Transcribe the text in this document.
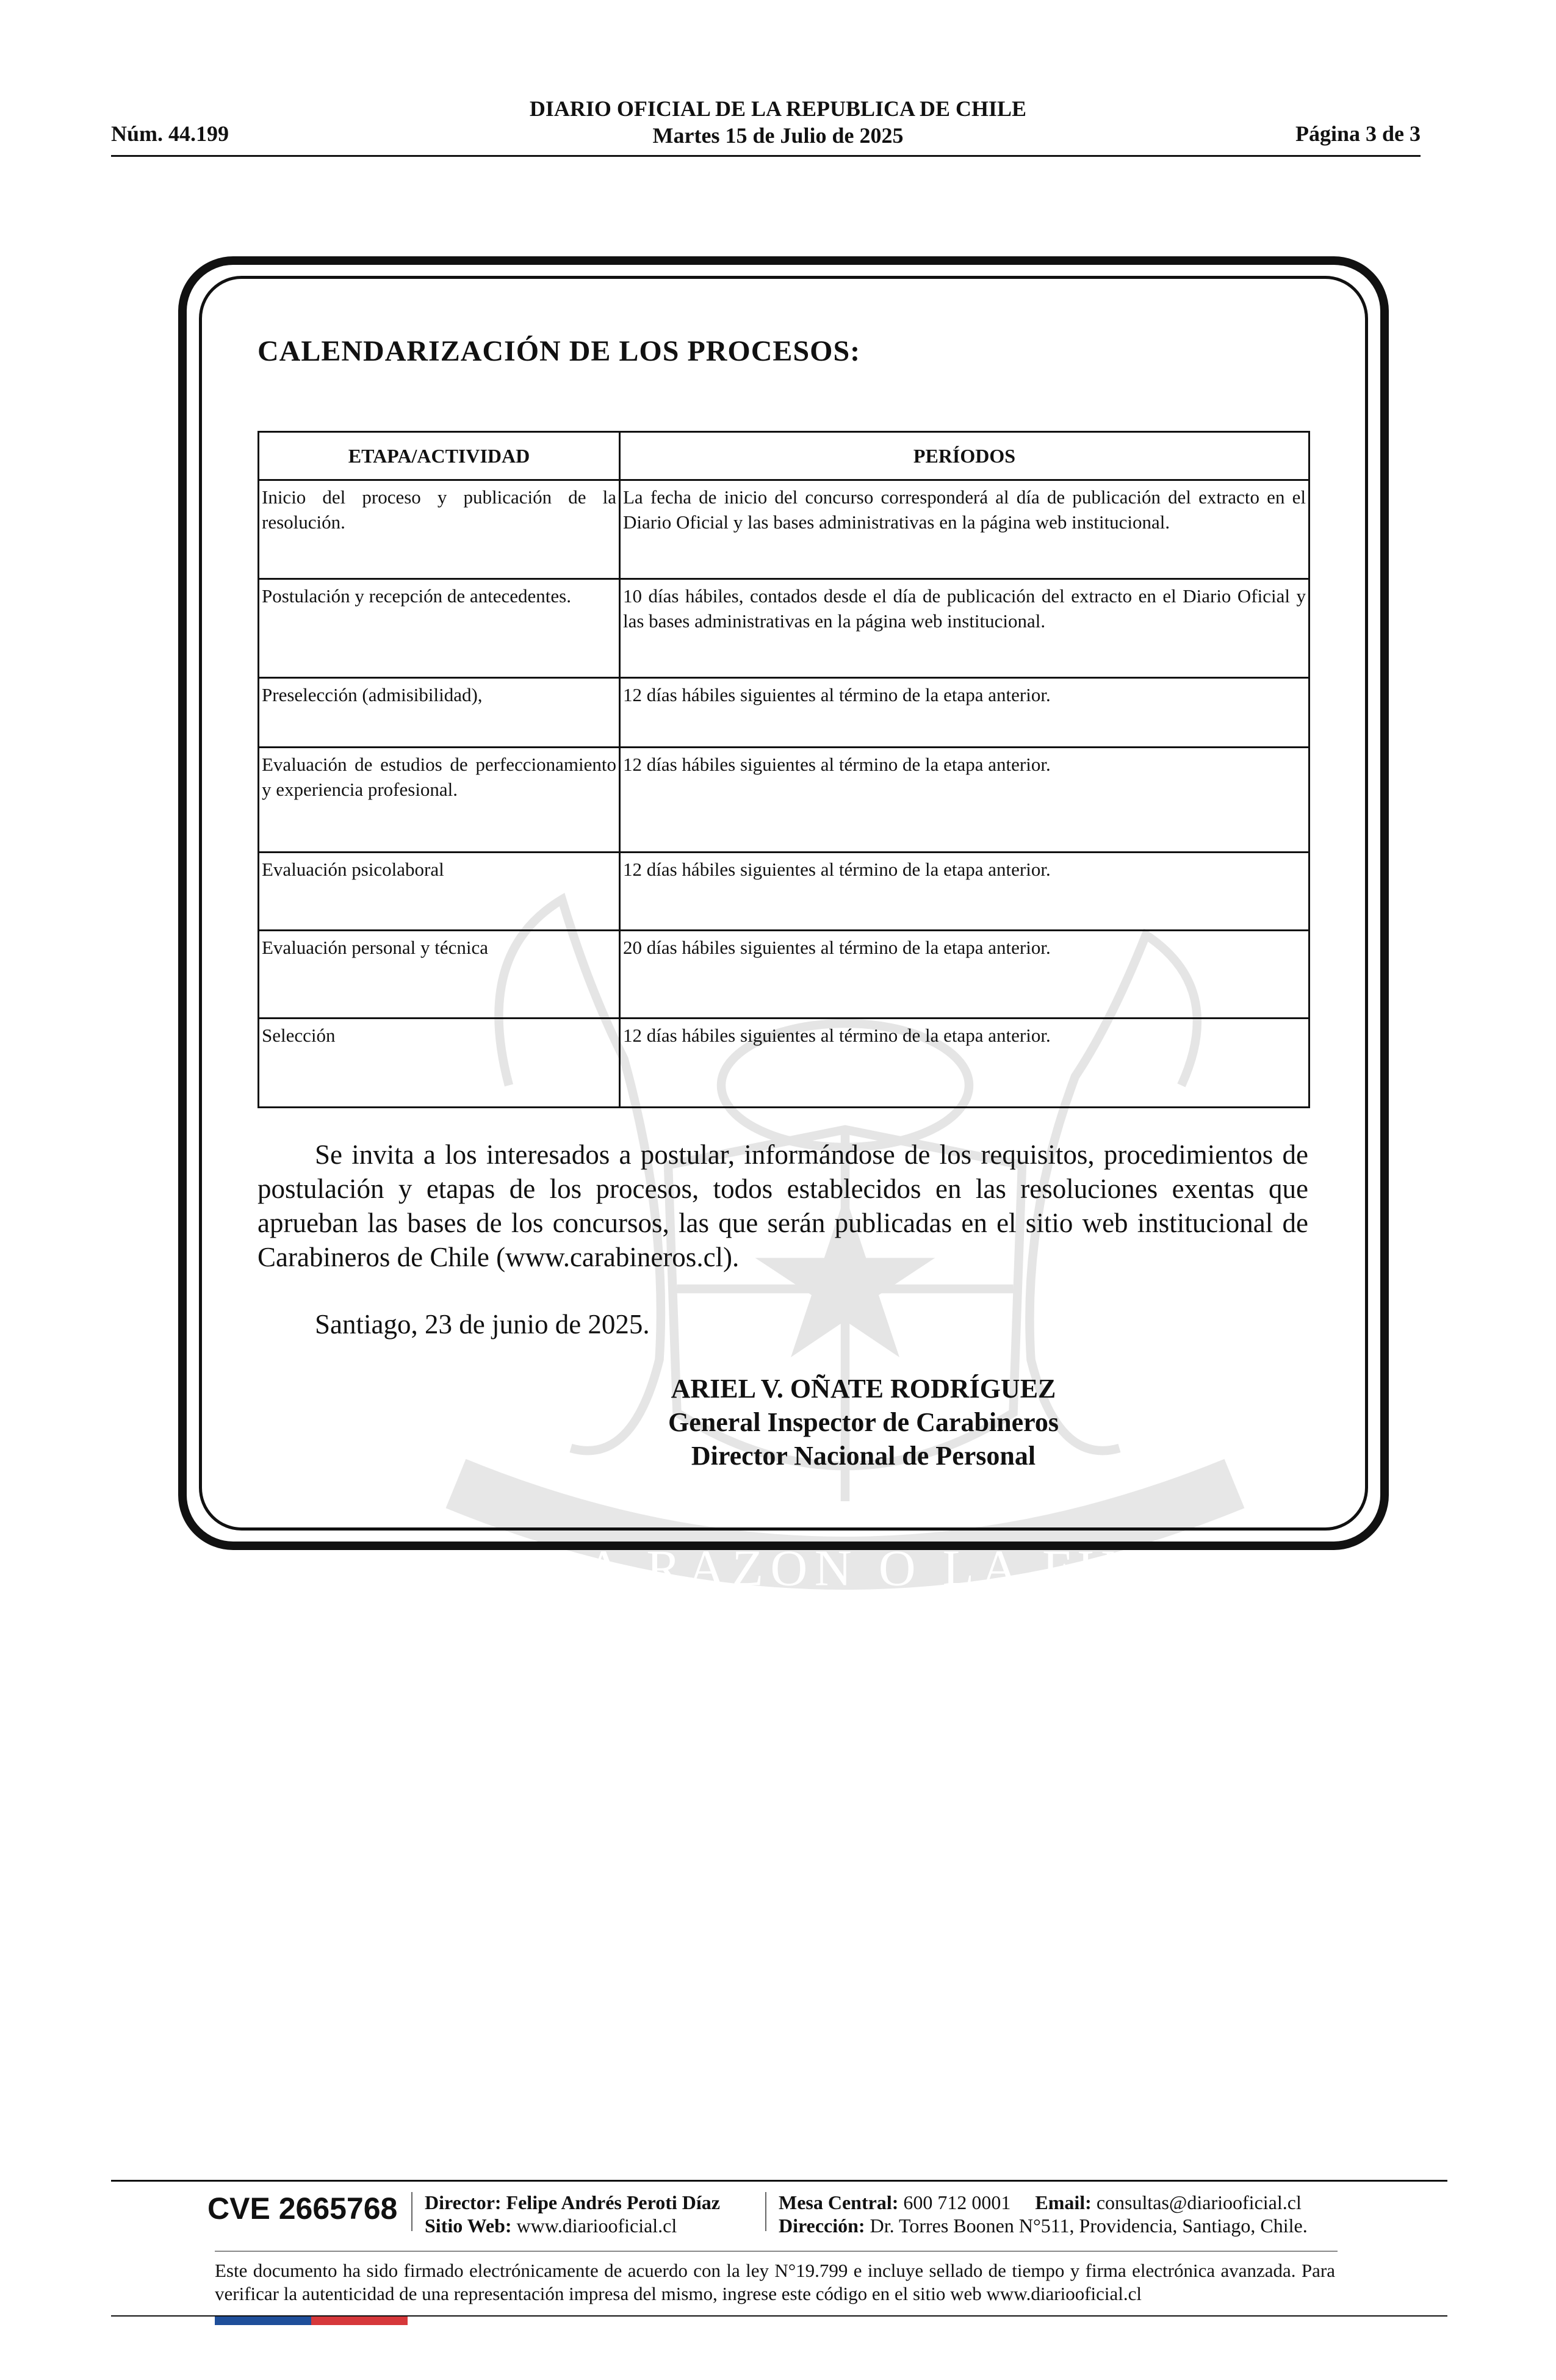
Núm. 44.199
DIARIO OFICIAL DE LA REPUBLICA DE CHILE
Martes 15 de Julio de 2025	Página 3 de 3
POR LA RAZON O LA FUERZA
CALENDARIZACIÓN DE LOS PROCESOS:
ETAPA/ACTIVIDAD	PERÍODOS
Inicio del proceso y publicación de la resolución.	La fecha de inicio del concurso corresponderá al día de publicación del extracto en el Diario Oficial y las bases administrativas en la página web institucional.
Postulación y recepción de antecedentes.	10 días hábiles, contados desde el día de publicación del extracto en el Diario Oficial y las bases administrativas en la página web institucional.
Preselección (admisibilidad),	12 días hábiles siguientes al término de la etapa anterior.
Evaluación de estudios de perfeccionamiento y experiencia profesional.	12 días hábiles siguientes al término de la etapa anterior.
Evaluación psicolaboral	12 días hábiles siguientes al término de la etapa anterior.
Evaluación personal y técnica	20 días hábiles siguientes al término de la etapa anterior.
Selección	12 días hábiles siguientes al término de la etapa anterior.
Se invita a los interesados a postular, informándose de los requisitos, procedimientos de postulación y etapas de los procesos, todos establecidos en las resoluciones exentas que aprueban las bases de los concursos, las que serán publicadas en el sitio web institucional de Carabineros de Chile (www.carabineros.cl).
Santiago, 23 de junio de 2025.
ARIEL V. OÑATE RODRÍGUEZ
General Inspector de Carabineros
Director Nacional de Personal
CVE 2665768 Director: Felipe Andrés Peroti Díaz
Sitio Web: www.diariooficial.cl
Mesa Central: 600 712 0001 Email: consultas@diariooficial.cl
Dirección: Dr. Torres Boonen N°511, Providencia, Santiago, Chile.
Este documento ha sido firmado electrónicamente de acuerdo con la ley N°19.799 e incluye sellado de tiempo y firma electrónica avanzada. Para verificar la autenticidad de una representación impresa del mismo, ingrese este código en el sitio web www.diariooficial.cl
